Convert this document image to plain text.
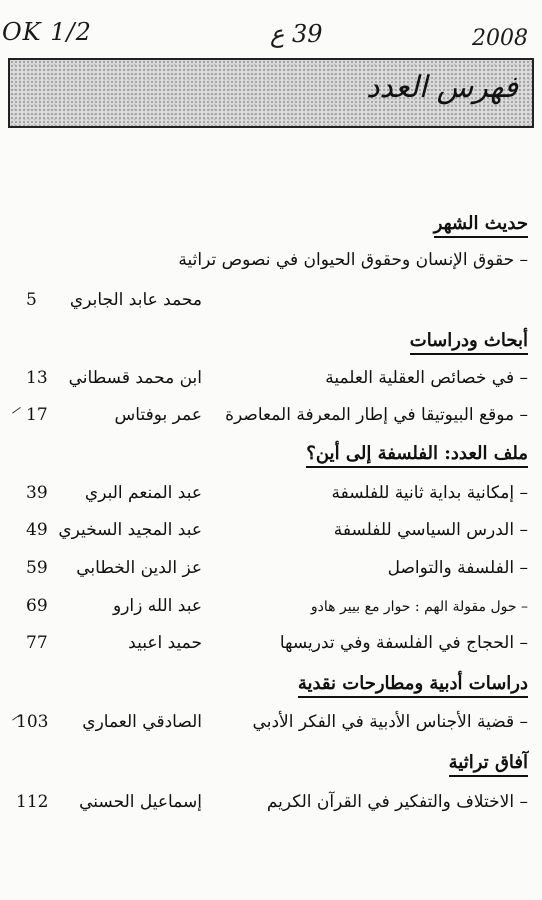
OK 1/2	39 ع	2008
فهرس العدد
حديث الشهر
– حقوق الإنسان وحقوق الحيوان في نصوص تراثية
محمد عابد الجابري
5
أبحاث ودراسات
– في خصائص العقلية العلمية
ابن محمد قسطاني
13
– موقع البيوتيقا في إطار المعرفة المعاصرة
عمر بوفتاس
17
ملف العدد: الفلسفة إلى أين؟
– إمكانية بداية ثانية للفلسفة
عبد المنعم البري
39
– الدرس السياسي للفلسفة
عبد المجيد السخيري
49
– الفلسفة والتواصل
عز الدين الخطابي
59
– حول مقولة الهم : حوار مع بيير هادو
عبد الله زارو
69
– الحجاج في الفلسفة وفي تدريسها
حميد اعبيد
77
دراسات أدبية ومطارحات نقدية
– قضية الأجناس الأدبية في الفكر الأدبي
الصادقي العماري
103
آفاق تراثية
– الاختلاف والتفكير في القرآن الكريم
إسماعيل الحسني
112
